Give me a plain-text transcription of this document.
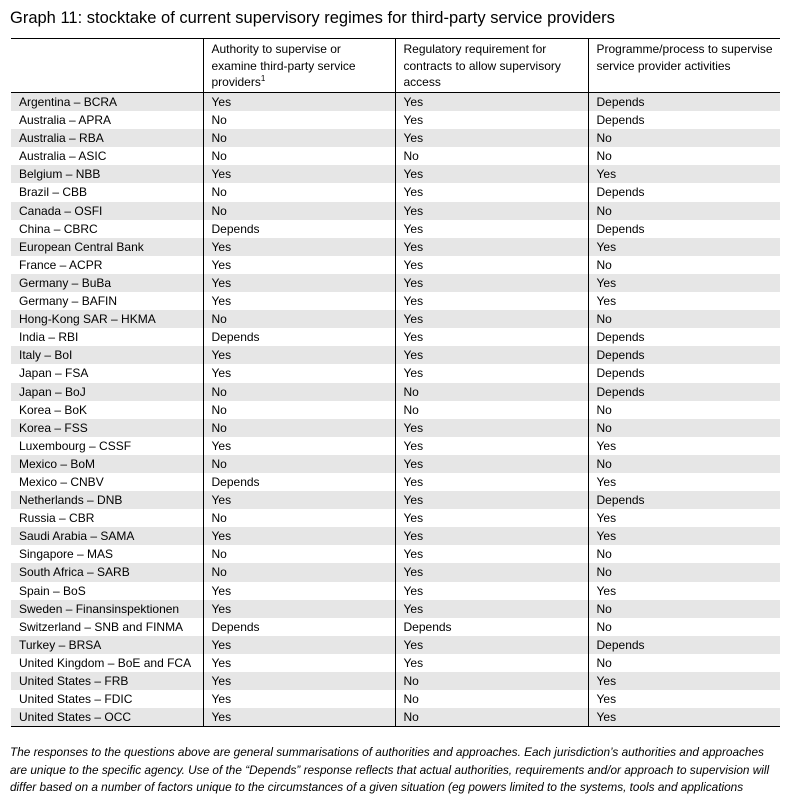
Graph 11: stocktake of current supervisory regimes for third-party service providers
	Authority to supervise or examine third-party service providers$^1$	Regulatory requirement for contracts to allow supervisory access	Programme/process to supervise service provider activities
Argentina – BCRA	Yes	Yes	Depends
Australia – APRA	No	Yes	Depends
Australia – RBA	No	Yes	No
Australia – ASIC	No	No	No
Belgium – NBB	Yes	Yes	Yes
Brazil – CBB	No	Yes	Depends
Canada – OSFI	No	Yes	No
China – CBRC	Depends	Yes	Depends
European Central Bank	Yes	Yes	Yes
France – ACPR	Yes	Yes	No
Germany – BuBa	Yes	Yes	Yes
Germany – BAFIN	Yes	Yes	Yes
Hong-Kong SAR – HKMA	No	Yes	No
India – RBI	Depends	Yes	Depends
Italy – BoI	Yes	Yes	Depends
Japan – FSA	Yes	Yes	Depends
Japan – BoJ	No	No	Depends
Korea – BoK	No	No	No
Korea – FSS	No	Yes	No
Luxembourg – CSSF	Yes	Yes	Yes
Mexico – BoM	No	Yes	No
Mexico – CNBV	Depends	Yes	Yes
Netherlands – DNB	Yes	Yes	Depends
Russia – CBR	No	Yes	Yes
Saudi Arabia – SAMA	Yes	Yes	Yes
Singapore – MAS	No	Yes	No
South Africa – SARB	No	Yes	No
Spain – BoS	Yes	Yes	Yes
Sweden – Finansinspektionen	Yes	Yes	No
Switzerland – SNB and FINMA	Depends	Depends	No
Turkey – BRSA	Yes	Yes	Depends
United Kingdom – BoE and FCA	Yes	Yes	No
United States – FRB	Yes	No	Yes
United States – FDIC	Yes	No	Yes
United States – OCC	Yes	No	Yes
The responses to the questions above are general summarisations of authorities and approaches. Each jurisdiction’s authorities and approaches are unique to the specific agency. Use of the “Depends” response reflects that actual authorities, requirements and/or approach to supervision will differ based on a number of factors unique to the circumstances of a given situation (eg powers limited to the systems, tools and applications
